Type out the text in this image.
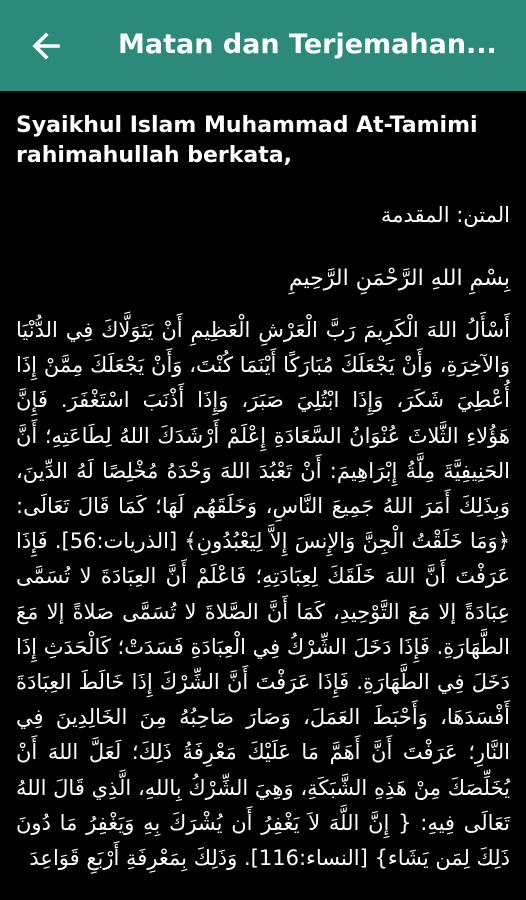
Matan dan Terjemahan...
Syaikhul Islam Muhammad At-Tamimi rahimahullah berkata,
المتن: المقدمة
بِسْمِ اللهِ الرَّحْمَنِ الرَّحِيمِ
أَسْأَلُ اللهَ الْكَرِيمَ رَبَّ الْعَرْشِ الْعَظِيمِ أَنْ يَتَوَلَّاكَ فِي الدُّنْيَا وَالآخِرَةِ، وَأَنْ يَجْعَلَكَ مُبَارَكًا أَيْنَمَا كُنْتَ، وَأَنْ يَجْعَلَكَ مِمَّنْ إِذَا أُعْطِيَ شَكَرَ، وَإِذَا ابْتُلِيَ صَبَرَ، وَإِذَا أَذْنَبَ اسْتَغْفَرَ. فَإِنَّ هَؤُلاءِ الثَّلاثَ عُنْوَانُ السَّعَادَةِ إِعْلَمْ أَرْشَدَكَ اللهُ لِطَاعَتِهِ؛ أَنَّ الحَنِيفِيَّةَ مِلَّةُ إِبْرَاهِيمَ: أَنْ تَعْبُدَ اللهَ وَحْدَهُ مُخْلِصًا لَهُ الدِّينَ، وَبِذَلِكَ أَمَرَ اللهُ جَمِيعَ النَّاسِ، وَخَلَقَهُم لَهَا؛ كَمَا قَالَ تَعَالَى: ﴿وَمَا خَلَقْتُ الْجِنَّ وَالإِنسَ إِلاَّ لِيَعْبُدُونِ﴾ [الذريات:56]. فَإِذَا عَرَفْتَ أَنَّ اللهَ خَلَقَكَ لِعِبَادَتِهِ؛ فَاعْلَمْ أَنَّ العِبَادَةَ لا تُسَمَّى عِبَادَةً إلا مَعَ التَّوْحِيدِ، كَمَا أَنَّ الصَّلاةَ لا تُسَمَّى صَلاةً إلا مَعَ الطَّهَارَةِ. فَإِذَا دَخَلَ الشِّرْكُ فِي الْعِبَادَةِ فَسَدَتْ؛ كَالْحَدَثِ إِذَا دَخَلَ فِي الطَّهَارَةِ. فَإِذَا عَرَفْتَ أَنَّ الشِّرْكَ إِذَا خَالَطَ العِبَادَةَ أَفْسَدَهَا، وَأَحْبَطَ العَمَلَ، وَصَارَ صَاحِبُهُ مِنَ الخَالِدِينَ فِي النَّارِ؛ عَرَفْتَ أَنَّ أَهَمَّ مَا عَلَيْكَ مَعْرِفَةُ ذَلِكَ؛ لَعَلَّ اللهَ أَنْ يُخَلِّصَكَ مِنْ هَذِهِ الشَّبَكَةِ، وَهِيَ الشِّرْكُ بِاللهِ، الَّذِي قَالَ اللهُ تَعَالَى فِيهِ: { إِنَّ اللَّهَ لاَ يَغْفِرُ أَن يُشْرَكَ بِهِ وَيَغْفِرُ مَا دُونَ ذَلِكَ لِمَن يَشَاء} [النساء:116]. وَذَلِكَ بِمَعْرِفَةِ أَرْبَعِ قَوَاعِدَ
